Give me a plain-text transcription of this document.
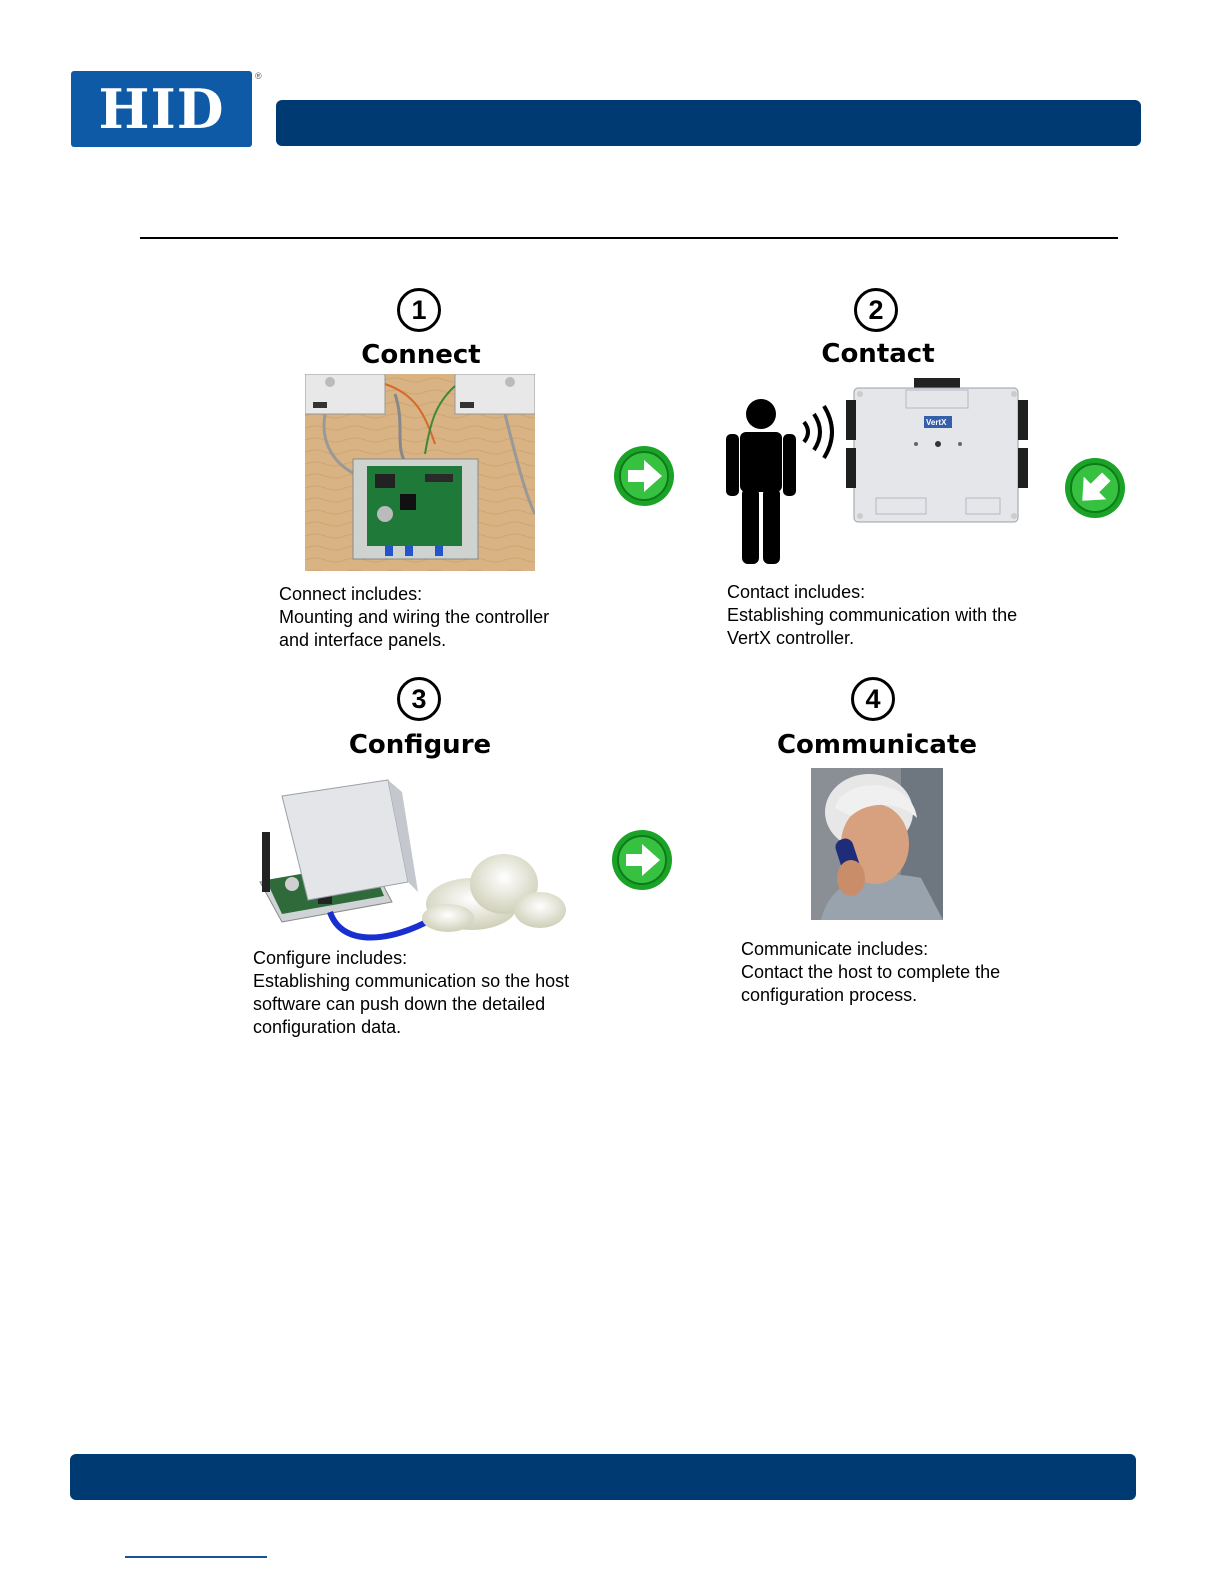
HID
®
1
Connect
Connect includes:
Mounting and wiring the controller
and interface panels.
2
Contact
VertX
Contact includes:
Establishing communication with the
VertX controller.
3
Configure
Configure includes:
Establishing communication so the host
software can push down the detailed
configuration data.
4
Communicate
Communicate includes:
Contact the host to complete the
configuration process.
